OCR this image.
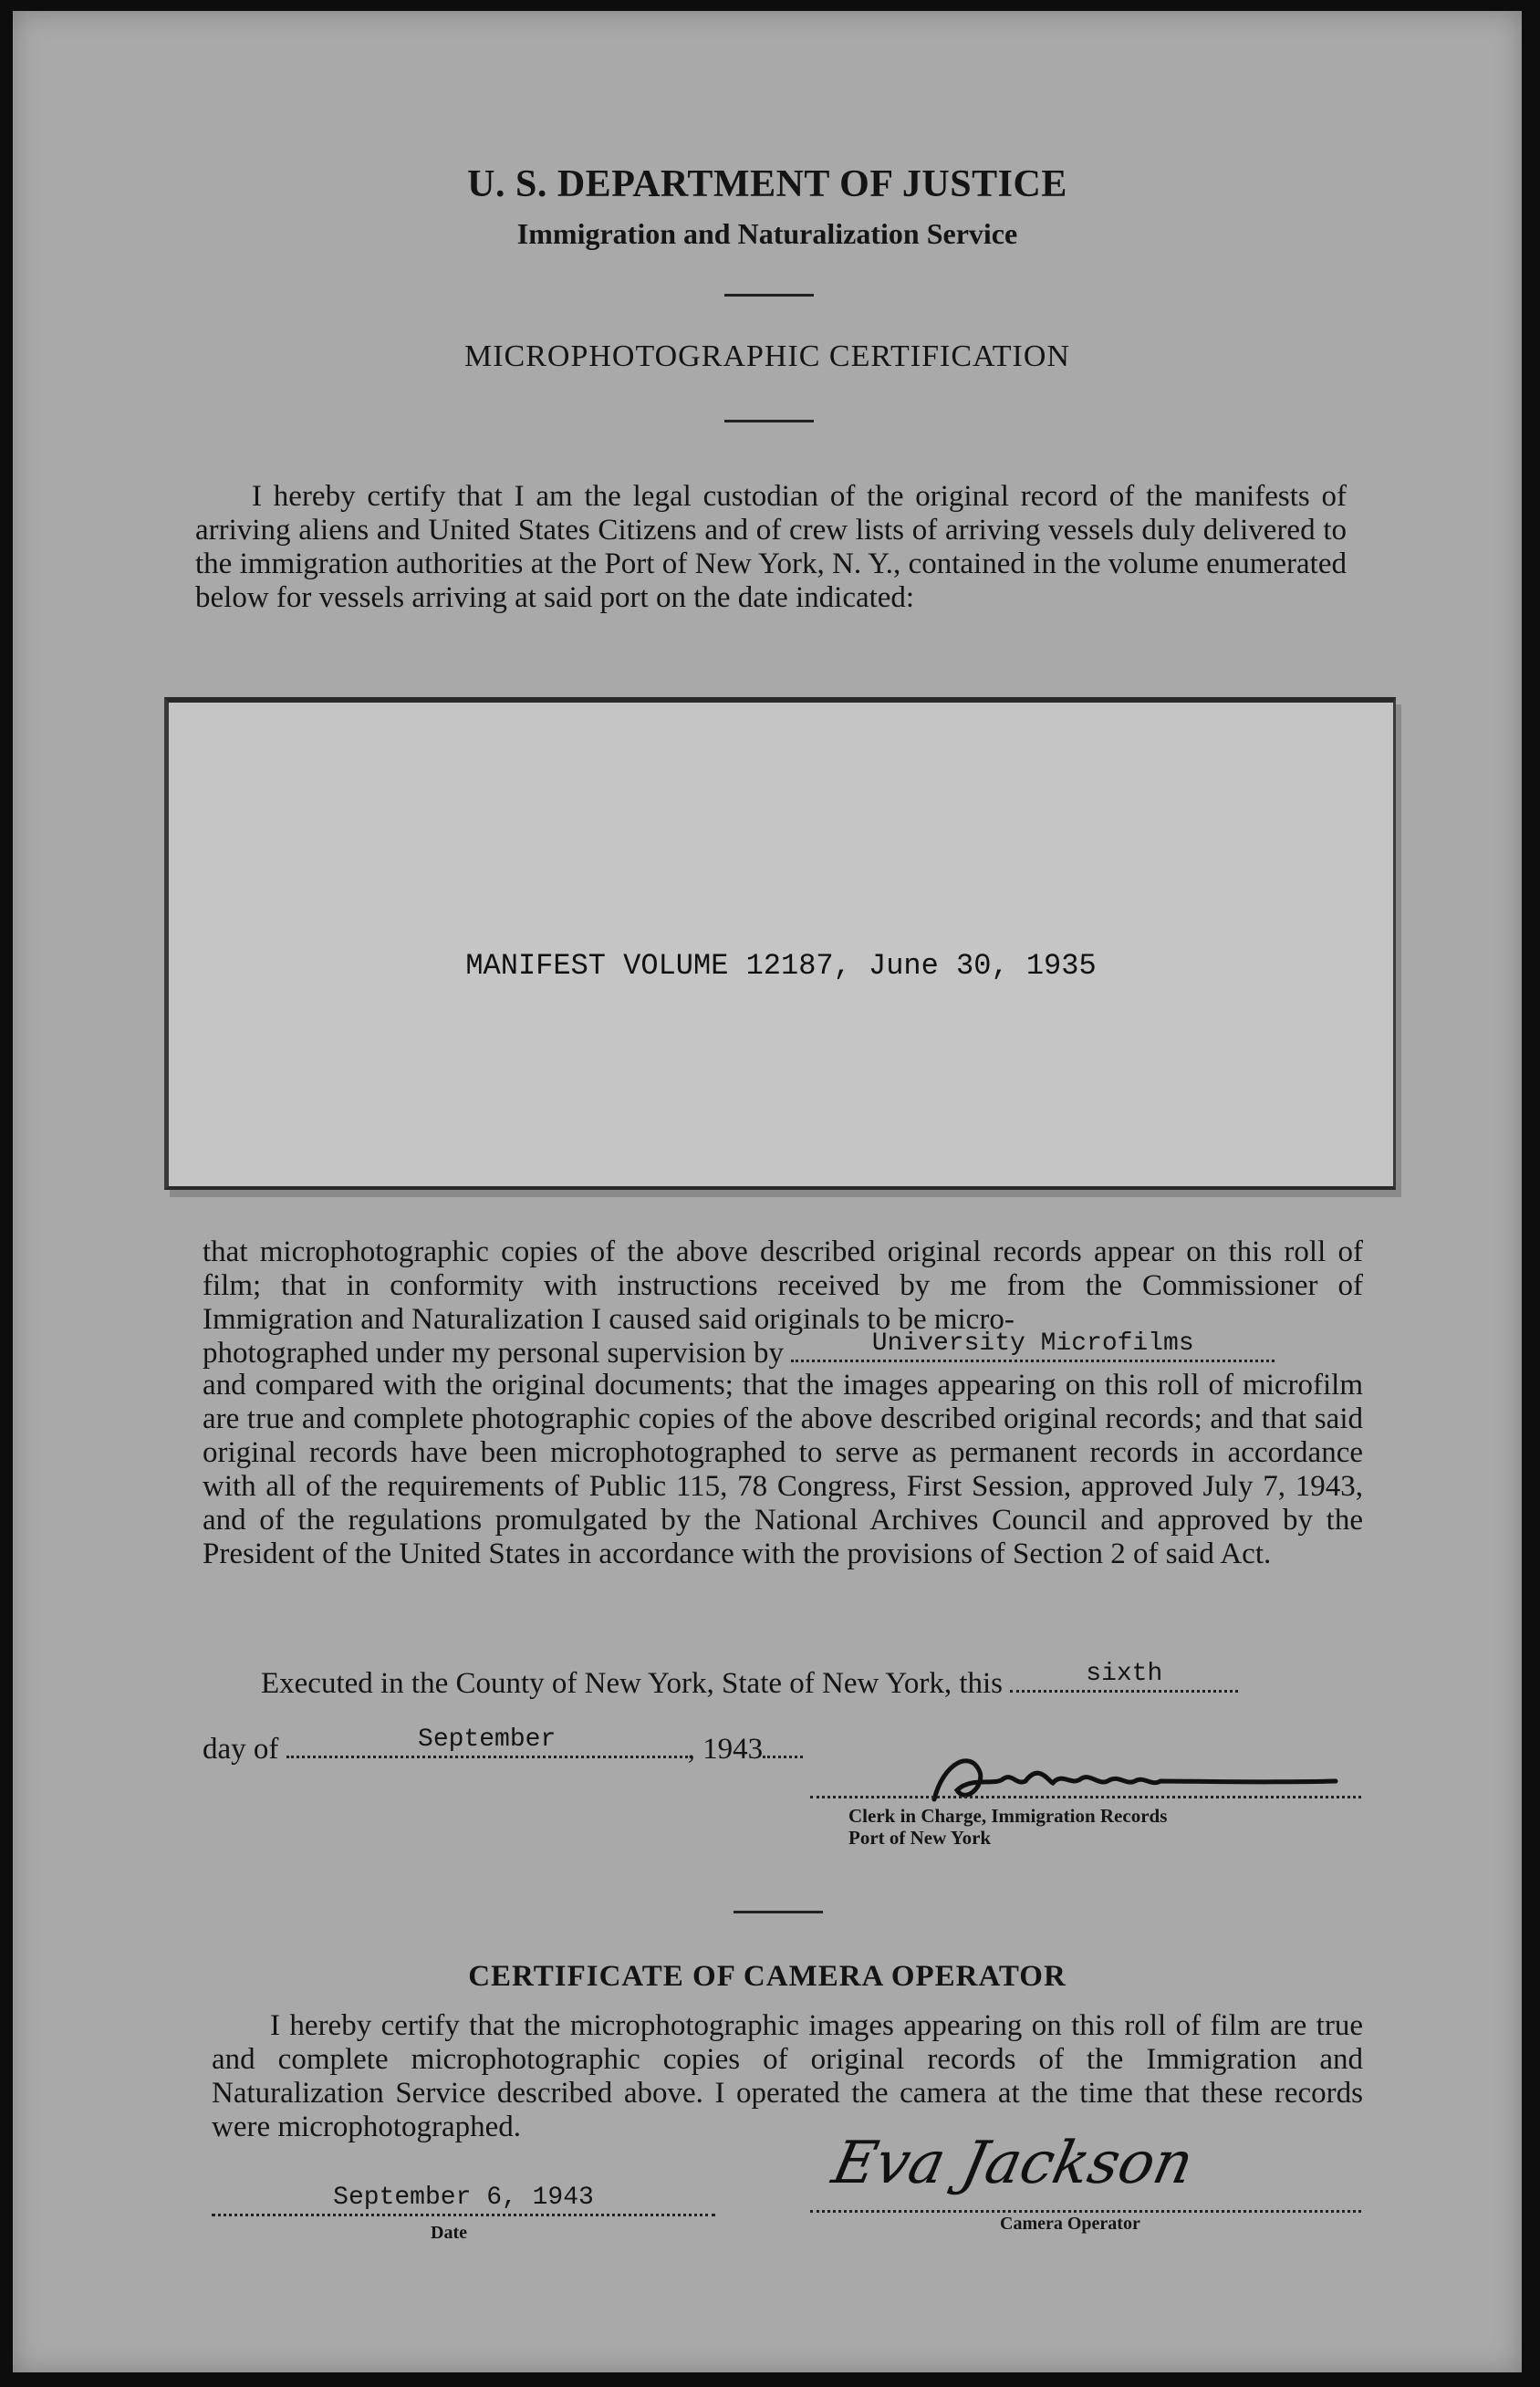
U. S. DEPARTMENT OF JUSTICE
Immigration and Naturalization Service
MICROPHOTOGRAPHIC CERTIFICATION

I hereby certify that I am the legal custodian of the original record of the manifests of arriving aliens and United States Citizens and of crew lists of arriving vessels duly delivered to the immigration authorities at the Port of New York, N. Y., contained in the volume enumerated below for vessels arriving at said port on the date indicated:

MANIFEST VOLUME 12187, June 30, 1935

that microphotographic copies of the above described original records appear on this roll of film; that in conformity with instructions received by me from the Commissioner of Immigration and Naturalization I caused said originals to be micro-

photographed under my personal supervision by	University Microfilms

and compared with the original documents; that the images appearing on this roll of microfilm are true and complete photographic copies of the above described original records; and that said original records have been microphotographed to serve as permanent records in accordance with all of the requirements of Public 115, 78 Congress, First Session, approved July 7, 1943, and of the regulations promulgated by the National Archives Council and approved by the President of the United States in accordance with the provisions of Section 2 of said Act.

Executed in the County of New York, State of New York, this	sixth
day of	September	, 1943
Clerk in Charge, Immigration Records
Port of New York
CERTIFICATE OF CAMERA OPERATOR

I hereby certify that the microphotographic images appearing on this roll of film are true and complete microphotographic copies of original records of the Immigration and Naturalization Service described above. I operated the camera at the time that these records were microphotographed.

September 6, 1943
Date
Eva Jackson
Camera Operator
